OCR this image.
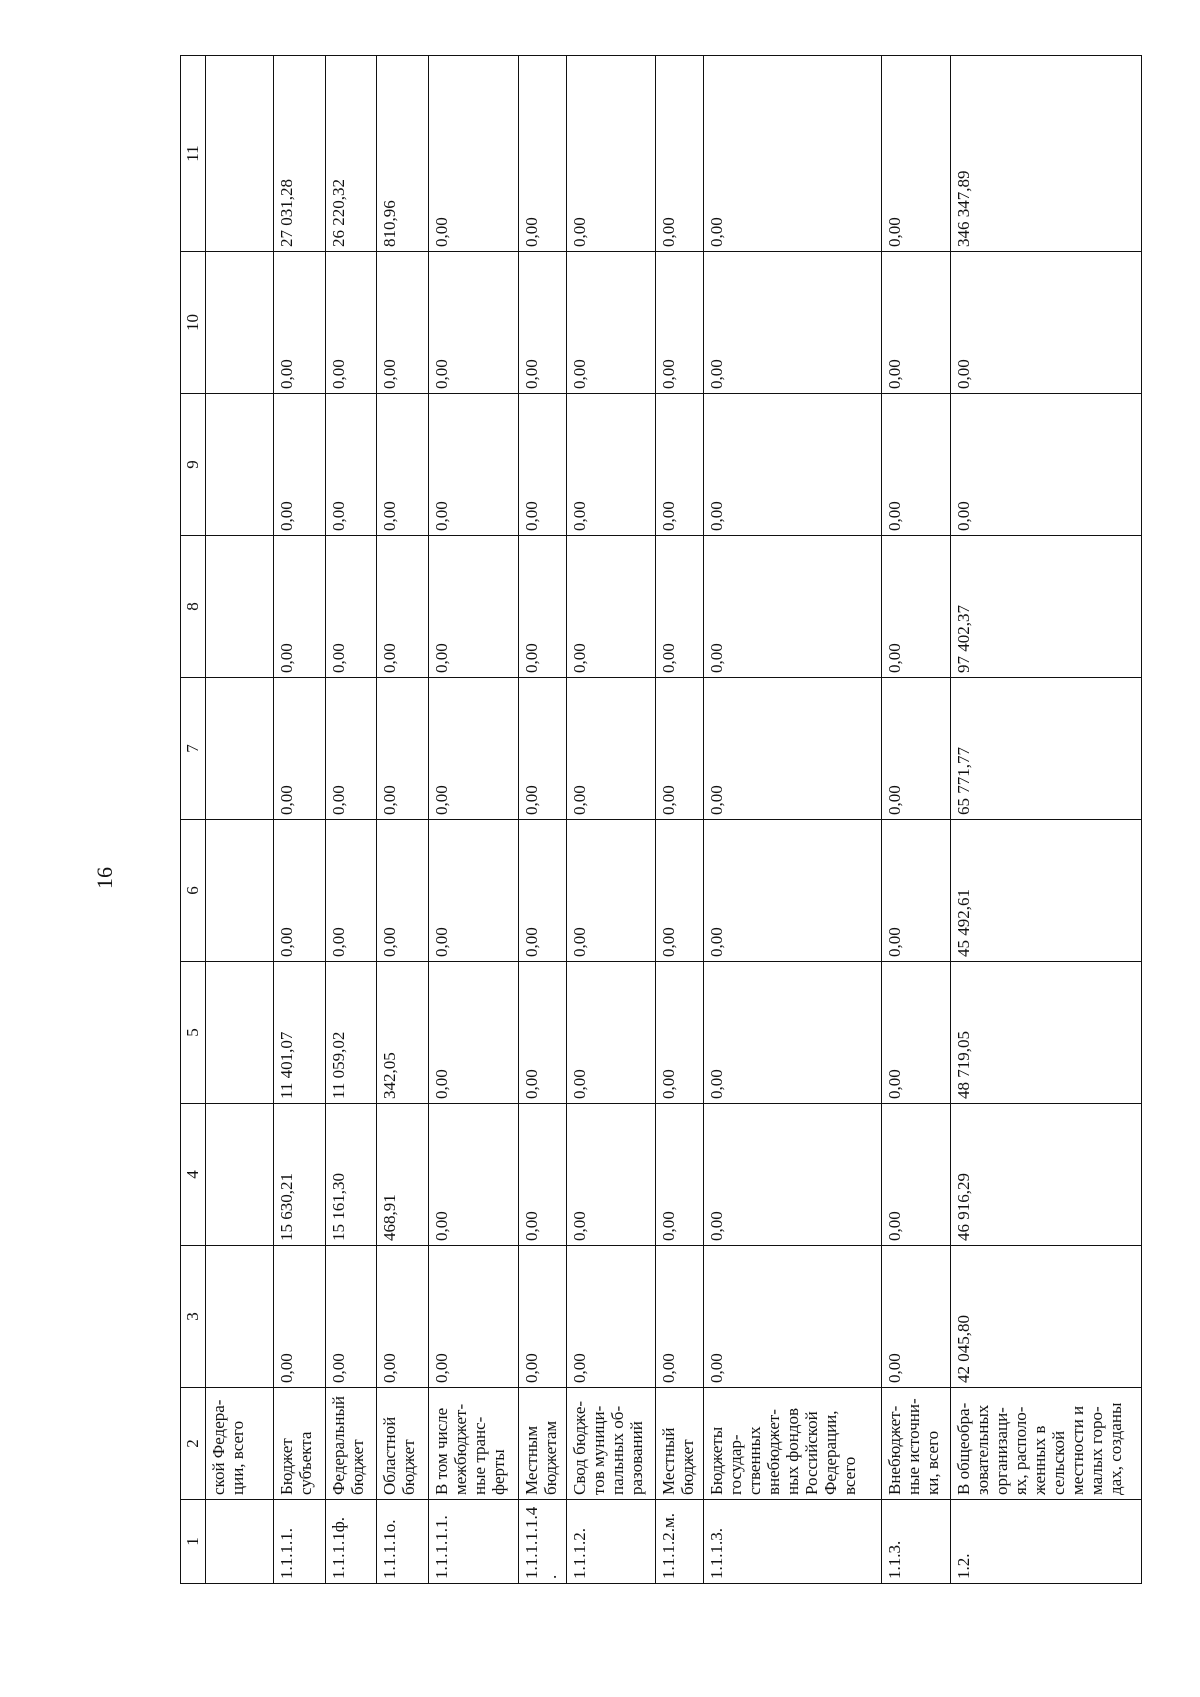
16
1	2	3	4	5	6	7	8	9	10	11
	ской Федера-ции, всего									
1.1.1.1.	Бюджет субъекта	0,00	15 630,21	11 401,07	0,00	0,00	0,00	0,00	0,00	27 031,28
1.1.1.1ф.	Федеральный бюджет	0,00	15 161,30	11 059,02	0,00	0,00	0,00	0,00	0,00	26 220,32
1.1.1.1о.	Областной бюджет	0,00	468,91	342,05	0,00	0,00	0,00	0,00	0,00	810,96
1.1.1.1.1.	В том числе межбюджет-ные транс-ферты	0,00	0,00	0,00	0,00	0,00	0,00	0,00	0,00	0,00
1.1.1.1.1.4.	Местным бюджетам	0,00	0,00	0,00	0,00	0,00	0,00	0,00	0,00	0,00
1.1.1.2.	Свод бюдже-тов муници-пальных об-разований	0,00	0,00	0,00	0,00	0,00	0,00	0,00	0,00	0,00
1.1.1.2.м.	Местный бюджет	0,00	0,00	0,00	0,00	0,00	0,00	0,00	0,00	0,00
1.1.1.3.	Бюджеты государ-ственных внебюджет-ных фондов Российской Федерации, всего	0,00	0,00	0,00	0,00	0,00	0,00	0,00	0,00	0,00
1.1.3.	Внебюджет-ные источни-ки, всего	0,00	0,00	0,00	0,00	0,00	0,00	0,00	0,00	0,00
1.2.	В общеобра-зовательных организаци-ях, располо-женных в сельской местности и малых горо-дах, созданы	42 045,80	46 916,29	48 719,05	45 492,61	65 771,77	97 402,37	0,00	0,00	346 347,89
